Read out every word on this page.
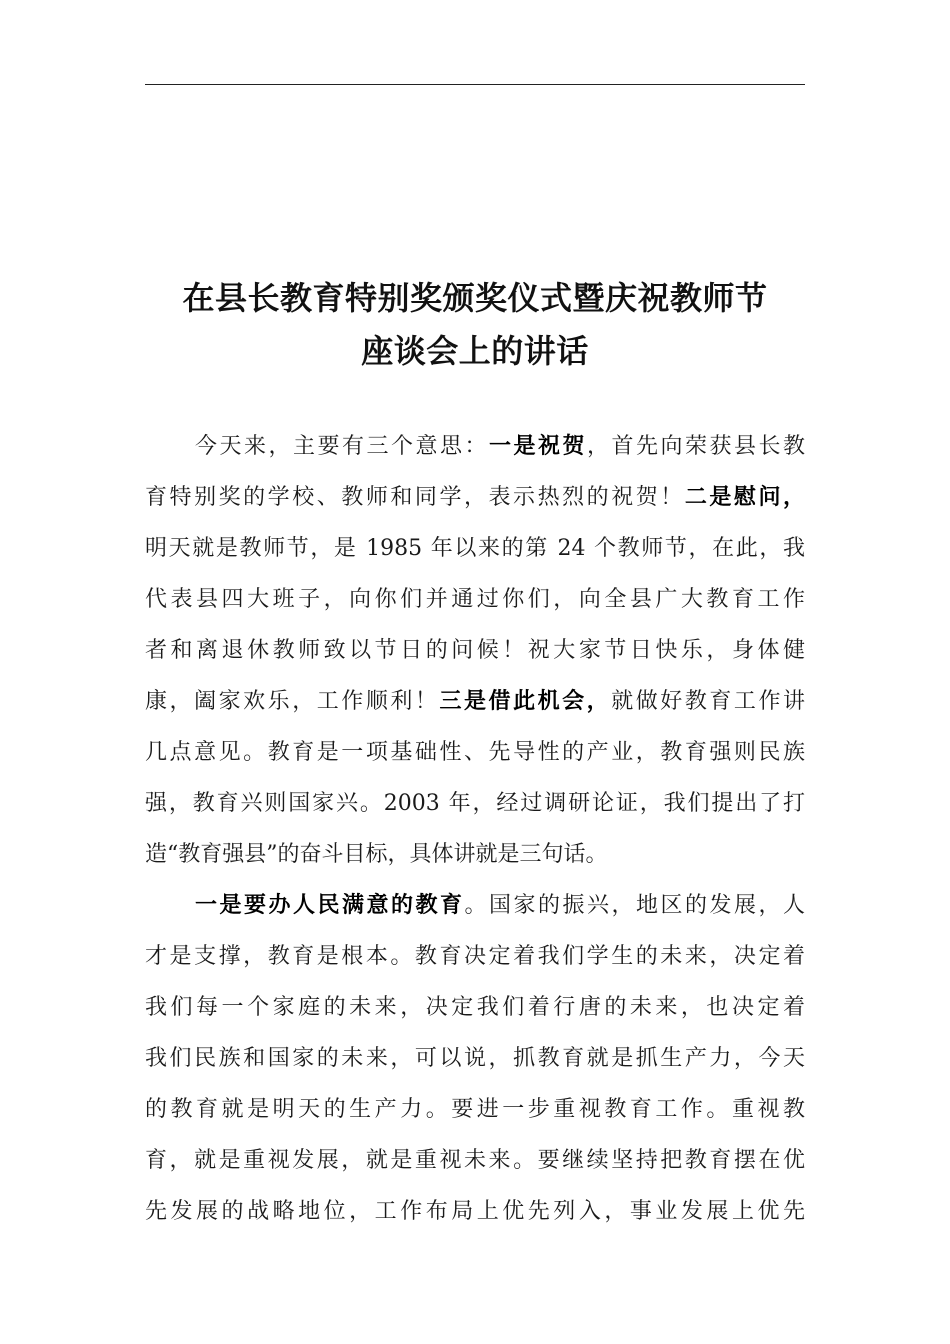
在县长教育特别奖颁奖仪式暨庆祝教师节
座谈会上的讲话
今天来，主要有三个意思：一是祝贺，首先向荣获县长教
育特别奖的学校、教师和同学，表示热烈的祝贺！二是慰问，
明天就是教师节，是 1985 年以来的第 24 个教师节，在此，我
代表县四大班子，向你们并通过你们，向全县广大教育工作
者和离退休教师致以节日的问候！祝大家节日快乐，身体健
康，阖家欢乐，工作顺利！三是借此机会，就做好教育工作讲
几点意见。教育是一项基础性、先导性的产业，教育强则民族
强，教育兴则国家兴。2003 年，经过调研论证，我们提出了打
造“教育强县”的奋斗目标，具体讲就是三句话。
一是要办人民满意的教育。国家的振兴，地区的发展，人
才是支撑，教育是根本。教育决定着我们学生的未来，决定着
我们每一个家庭的未来，决定我们着行唐的未来，也决定着
我们民族和国家的未来，可以说，抓教育就是抓生产力，今天
的教育就是明天的生产力。要进一步重视教育工作。重视教
育，就是重视发展，就是重视未来。要继续坚持把教育摆在优
先发展的战略地位，工作布局上优先列入，事业发展上优先
